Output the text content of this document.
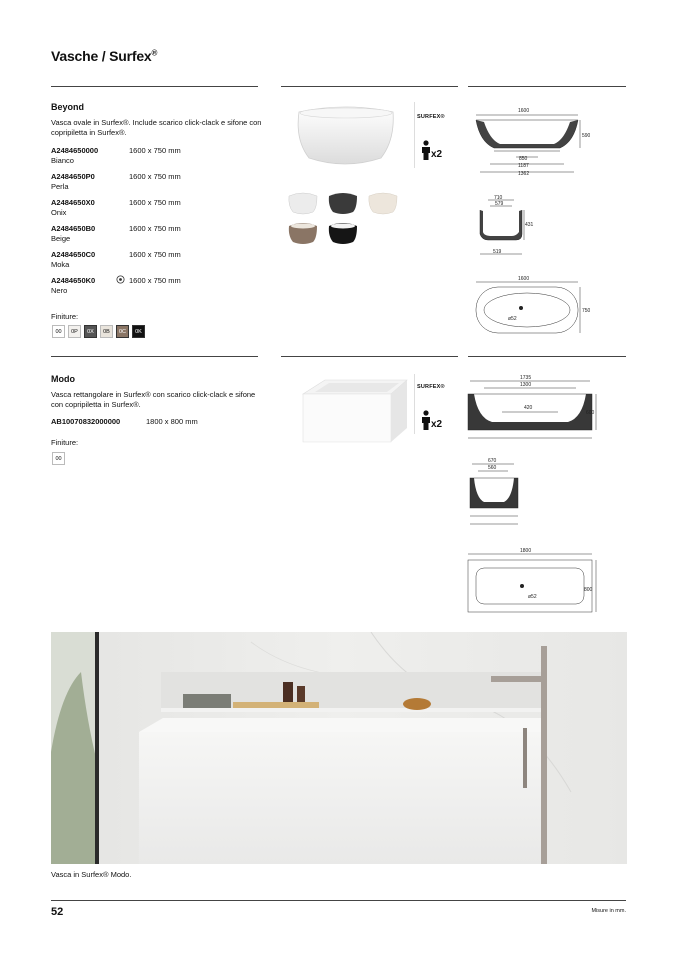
Vasche / Surfex®
Beyond
Vasca ovale in Surfex®. Include scarico click-clack e sifone con copripiletta in Surfex®.
A2484650000	1600 x 750 mm
Bianco
A2484650P0	1600 x 750 mm
Perla
A2484650X0	1600 x 750 mm
Onix
A2484650B0	1600 x 750 mm
Beige
A2484650C0	1600 x 750 mm
Moka
A2484650K0	1600 x 750 mm
Nero
Finiture:
00	0P	0X	0B	0C	0K
SURFEX®
x2
1600
590
850
1187
1362
710
579
431
519
1600
750
ø52
Modo
Vasca rettangolare in Surfex® con scarico click-clack e sifone con copripiletta in Surfex®.
AB10070832000000	1800 x 800 mm
Finiture:
00
SURFEX®
x2
1735
1300
420
600
670
560
1800
800
ø52
Vasca in Surfex® Modo.
52	Misure in mm.
